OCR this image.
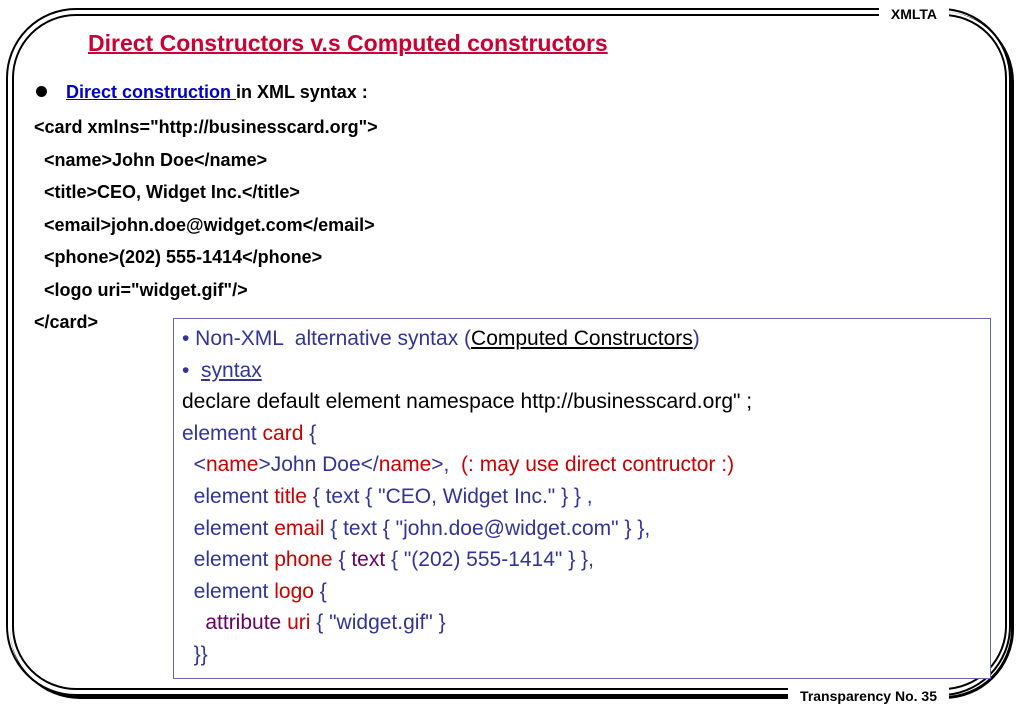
XMLTA
Transparency No. 35
Direct Constructors v.s Computed constructors
Direct construction in XML syntax :
<card xmlns="http://businesscard.org">
<name>John Doe</name>
<title>CEO, Widget Inc.</title>
<email>john.doe@widget.com</email>
<phone>(202) 555-1414</phone>
<logo uri="widget.gif"/>
</card>
• Non-XML  alternative syntax (Computed Constructors)
•  syntax
declare default element namespace http://businesscard.org" ;
element card {
<name>John Doe</name>,  (: may use direct contructor :)
element title { text { "CEO, Widget Inc." } } ,
element email { text { "john.doe@widget.com" } },
element phone { text { "(202) 555-1414" } },
element logo {
attribute uri { "widget.gif" }
}}
